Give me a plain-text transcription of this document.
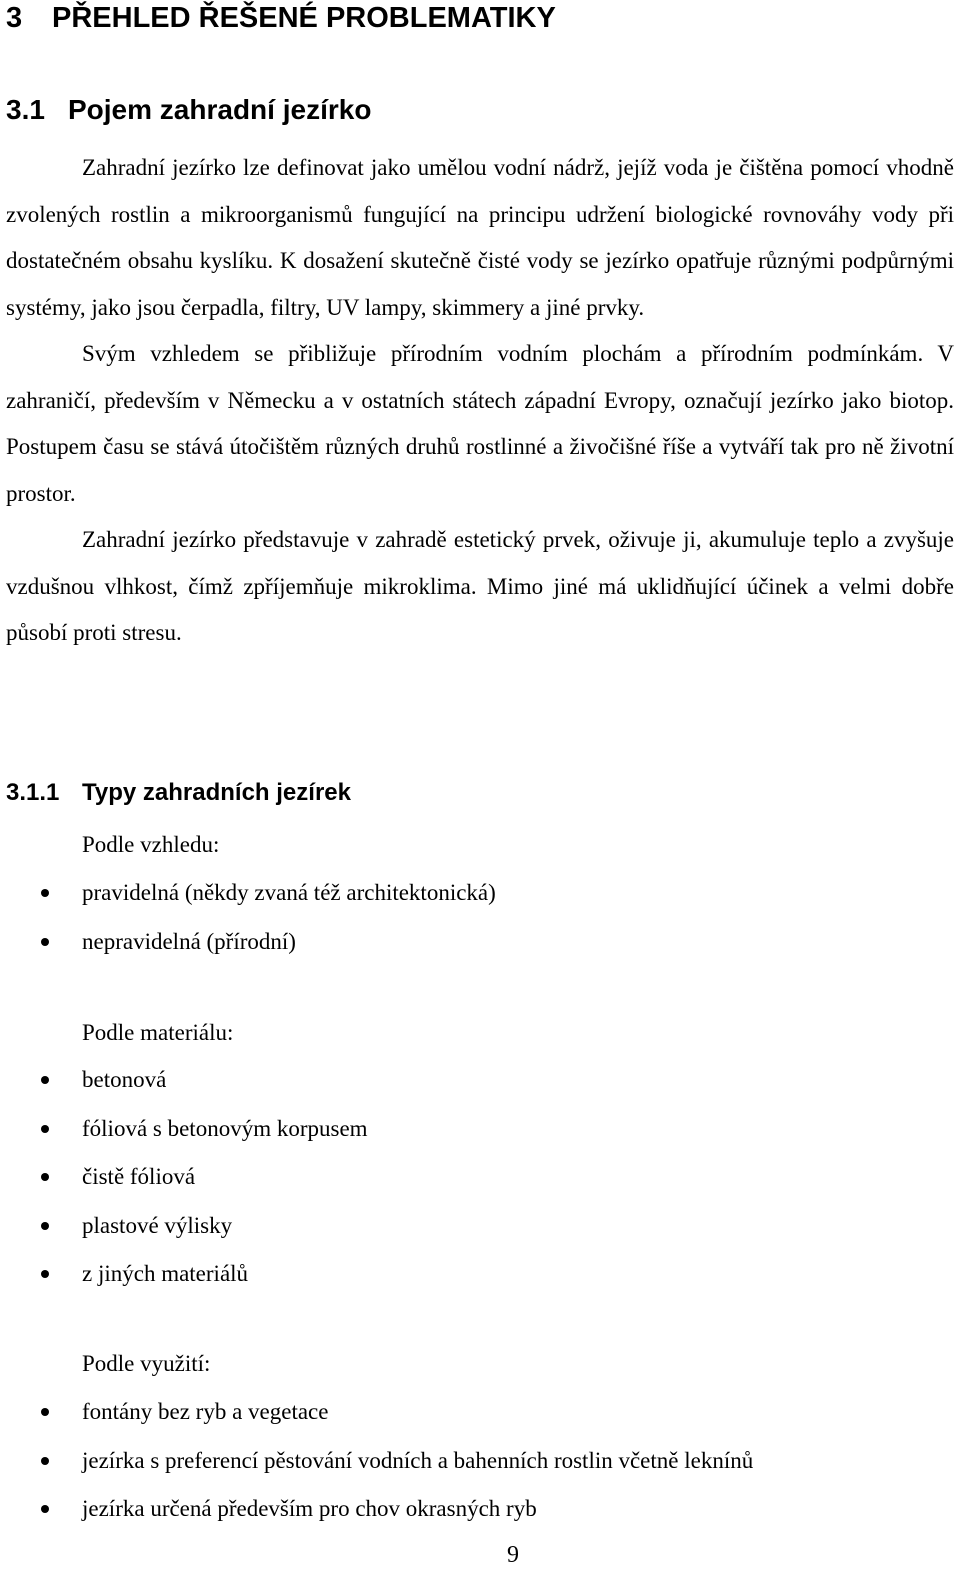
3 PŘEHLED ŘEŠENÉ PROBLEMATIKY
3.1 Pojem zahradní jezírko

Zahradní jezírko lze definovat jako umělou vodní nádrž, jejíž voda je čištěna pomocí vhodně zvolených rostlin a mikroorganismů fungující na principu udržení biologické rovnováhy vody při dostatečném obsahu kyslíku. K dosažení skutečně čisté vody se jezírko opatřuje různými podpůrnými systémy, jako jsou čerpadla, filtry, UV lampy, skimmery a jiné prvky.

Svým vzhledem se přibližuje přírodním vodním plochám a přírodním podmínkám. V zahraničí, především v Německu a v ostatních státech západní Evropy, označují jezírko jako biotop. Postupem času se stává útočištěm různých druhů rostlinné a živočišné říše a vytváří tak pro ně životní prostor.

Zahradní jezírko představuje v zahradě estetický prvek, oživuje ji, akumuluje teplo a zvyšuje vzdušnou vlhkost, čímž zpříjemňuje mikroklima. Mimo jiné má uklidňující účinek a velmi dobře působí proti stresu.

3.1.1 Typy zahradních jezírek
Podle vzhledu:
pravidelná (někdy zvaná též architektonická)
nepravidelná (přírodní)
Podle materiálu:
betonová
fóliová s betonovým korpusem
čistě fóliová
plastové výlisky
z jiných materiálů
Podle využití:
fontány bez ryb a vegetace
jezírka s preferencí pěstování vodních a bahenních rostlin včetně leknínů
jezírka určená především pro chov okrasných ryb
9
